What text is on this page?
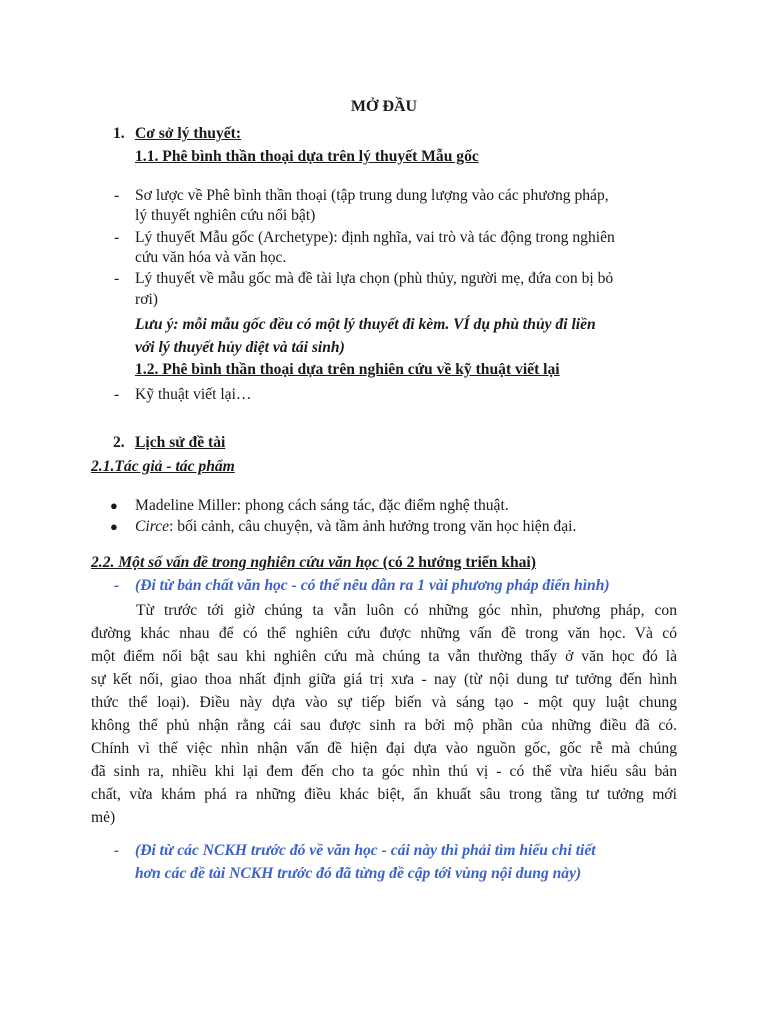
MỞ ĐẦU
1. Cơ sở lý thuyết:
1.1. Phê bình thần thoại dựa trên lý thuyết Mẫu gốc
- Sơ lược về Phê bình thần thoại (tập trung dung lượng vào các phương pháp,
lý thuyết nghiên cứu nổi bật)
- Lý thuyết Mẫu gốc (Archetype): định nghĩa, vai trò và tác động trong nghiên
cứu văn hóa và văn học.
- Lý thuyết về mẫu gốc mà đề tài lựa chọn (phù thủy, người mẹ, đứa con bị bỏ
rơi)
Lưu ý: mỗi mẫu gốc đều có một lý thuyết đi kèm. VÍ dụ phù thủy đi liền
với lý thuyết hủy diệt và tái sinh)
1.2. Phê bình thần thoại dựa trên nghiên cứu về kỹ thuật viết lại
- Kỹ thuật viết lại…
2. Lịch sử đề tài
2.1.Tác giả - tác phẩm
● Madeline Miller: phong cách sáng tác, đặc điểm nghệ thuật.
● Circe: bối cảnh, câu chuyện, và tầm ảnh hưởng trong văn học hiện đại.
2.2. Một số vấn đề trong nghiên cứu văn học (có 2 hướng triển khai)
- (Đi từ bản chất văn học - có thể nêu dẫn ra 1 vài phương pháp điển hình)
Từ trước tới giờ chúng ta vẫn luôn có những góc nhìn, phương pháp, con
đường khác nhau để có thể nghiên cứu được những vấn đề trong văn học. Và có
một điểm nổi bật sau khi nghiên cứu mà chúng ta vẫn thường thấy ở văn học đó là
sự kết nối, giao thoa nhất định giữa giá trị xưa - nay (từ nội dung tư tưởng đến hình
thức thể loại). Điều này dựa vào sự tiếp biến và sáng tạo - một quy luật chung
không thể phủ nhận rằng cái sau được sinh ra bởi mộ phần của những điều đã có.
Chính vì thế việc nhìn nhận vấn đề hiện đại dựa vào nguồn gốc, gốc rễ mà chúng
đã sinh ra, nhiều khi lại đem đến cho ta góc nhìn thú vị - có thể vừa hiểu sâu bản
chất, vừa khám phá ra những điều khác biệt, ẩn khuất sâu trong tầng tư tưởng mới
mẻ)
- (Đi từ các NCKH trước đó về văn học - cái này thì phải tìm hiểu chi tiết
hơn các đề tài NCKH trước đó đã từng đề cập tới vùng nội dung này)
